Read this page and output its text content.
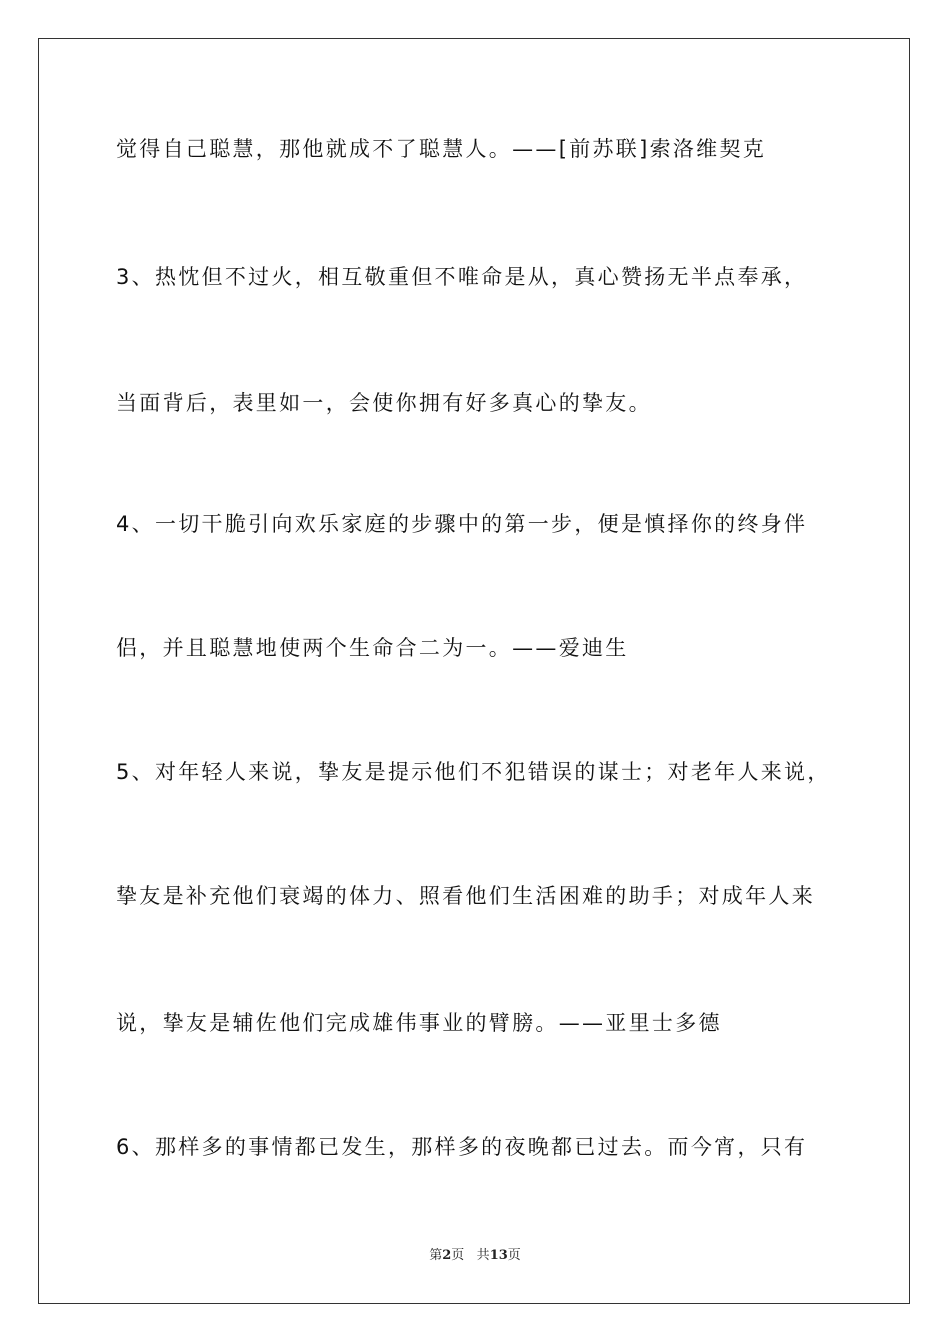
觉得自己聪慧，那他就成不了聪慧人。——[前苏联]索洛维契克
3、热忱但不过火，相互敬重但不唯命是从，真心赞扬无半点奉承，
当面背后，表里如一，会使你拥有好多真心的挚友。
4、一切干脆引向欢乐家庭的步骤中的第一步，便是慎择你的终身伴
侣，并且聪慧地使两个生命合二为一。——爱迪生
5、对年轻人来说，挚友是提示他们不犯错误的谋士；对老年人来说，
挚友是补充他们衰竭的体力、照看他们生活困难的助手；对成年人来
说，挚友是辅佐他们完成雄伟事业的臂膀。——亚里士多德
6、那样多的事情都已发生，那样多的夜晚都已过去。而今宵，只有
第2页 共13页
